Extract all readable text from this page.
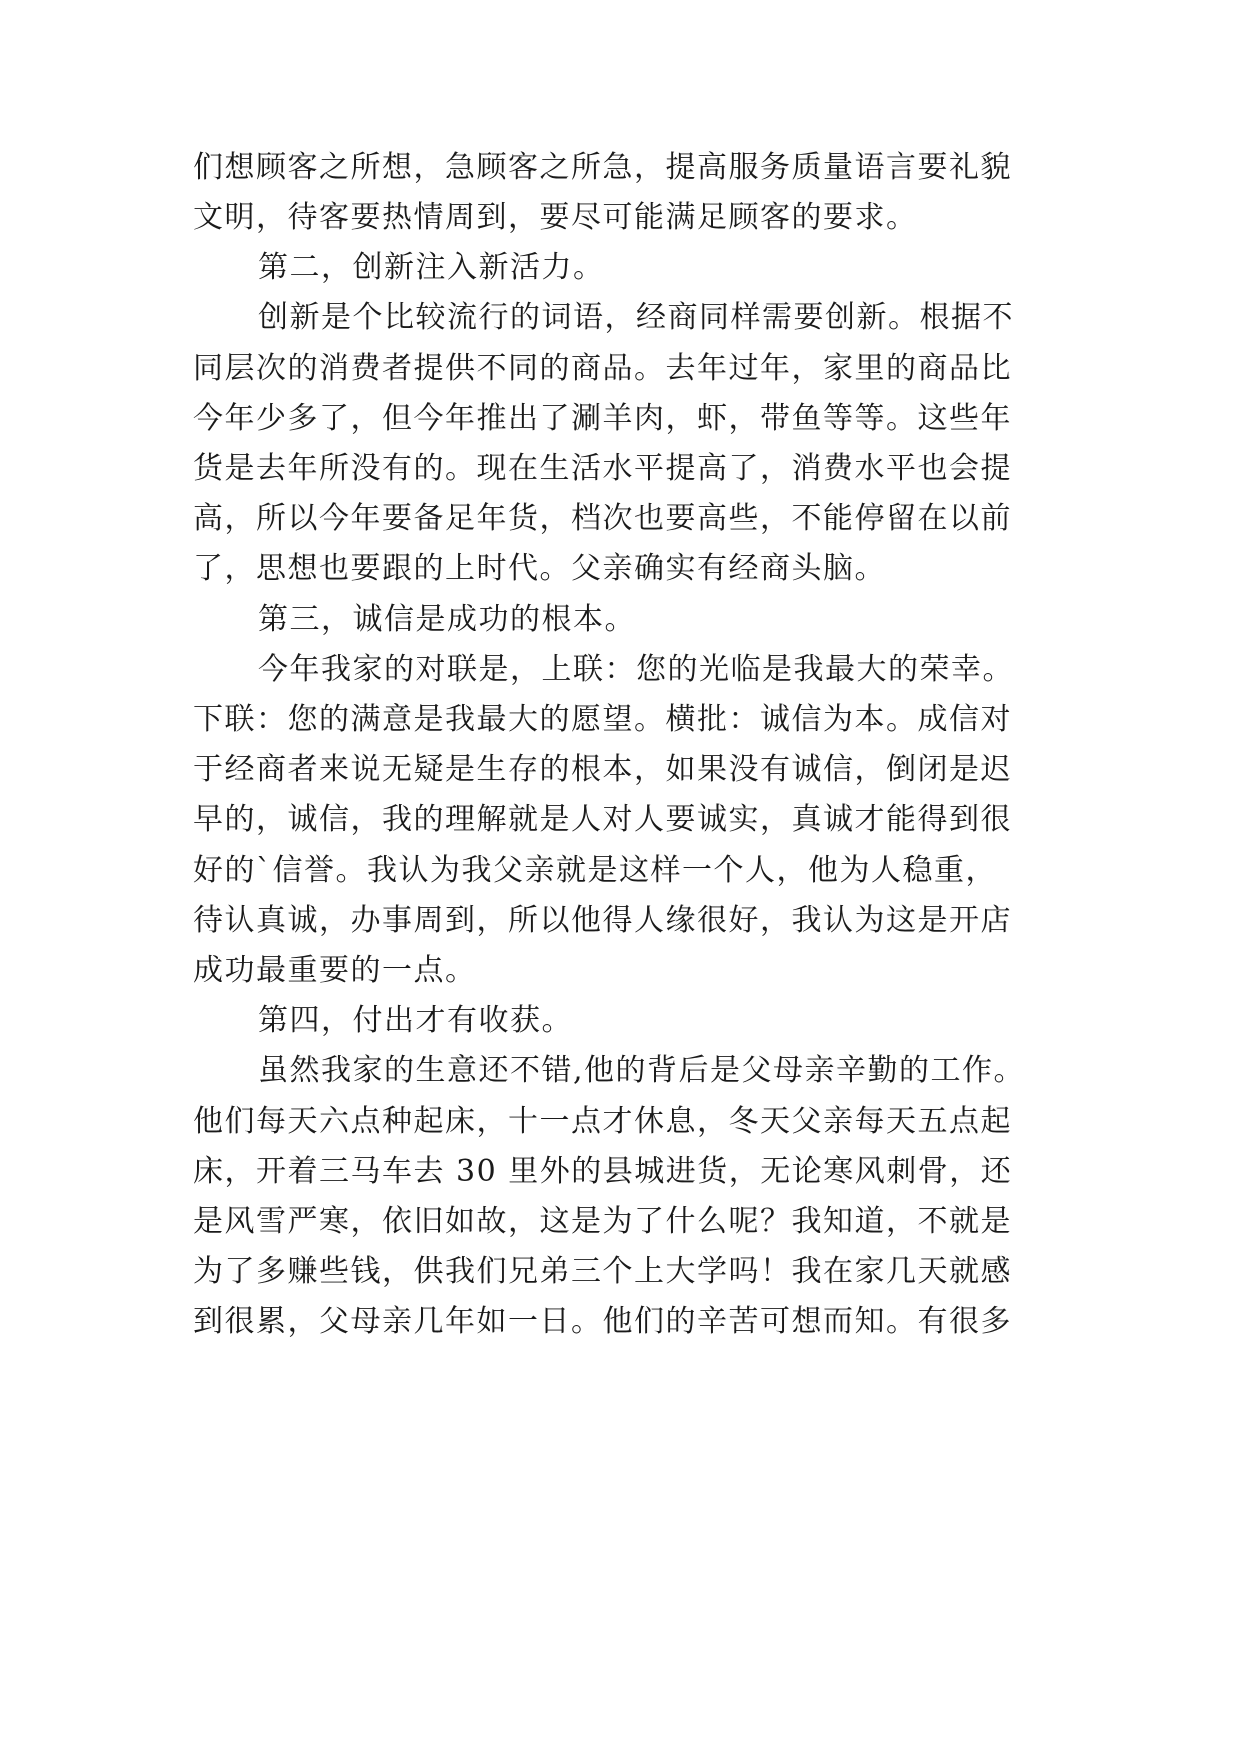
们想顾客之所想，急顾客之所急，提高服务质量语言要礼貌
文明，待客要热情周到，要尽可能满足顾客的要求。
第二，创新注入新活力。
创新是个比较流行的词语，经商同样需要创新。根据不
同层次的消费者提供不同的商品。去年过年，家里的商品比
今年少多了，但今年推出了涮羊肉，虾，带鱼等等。这些年
货是去年所没有的。现在生活水平提高了，消费水平也会提
高，所以今年要备足年货，档次也要高些，不能停留在以前
了，思想也要跟的上时代。父亲确实有经商头脑。
第三，诚信是成功的根本。
今年我家的对联是，上联：您的光临是我最大的荣幸。
下联：您的满意是我最大的愿望。横批：诚信为本。成信对
于经商者来说无疑是生存的根本，如果没有诚信，倒闭是迟
早的，诚信，我的理解就是人对人要诚实，真诚才能得到很
好的`信誉。我认为我父亲就是这样一个人，他为人稳重，
待认真诚，办事周到，所以他得人缘很好，我认为这是开店
成功最重要的一点。
第四，付出才有收获。
虽然我家的生意还不错,他的背后是父母亲辛勤的工作。
他们每天六点种起床，十一点才休息，冬天父亲每天五点起
床，开着三马车去 30 里外的县城进货，无论寒风刺骨，还
是风雪严寒，依旧如故，这是为了什么呢？我知道，不就是
为了多赚些钱，供我们兄弟三个上大学吗！我在家几天就感
到很累，父母亲几年如一日。他们的辛苦可想而知。有很多
